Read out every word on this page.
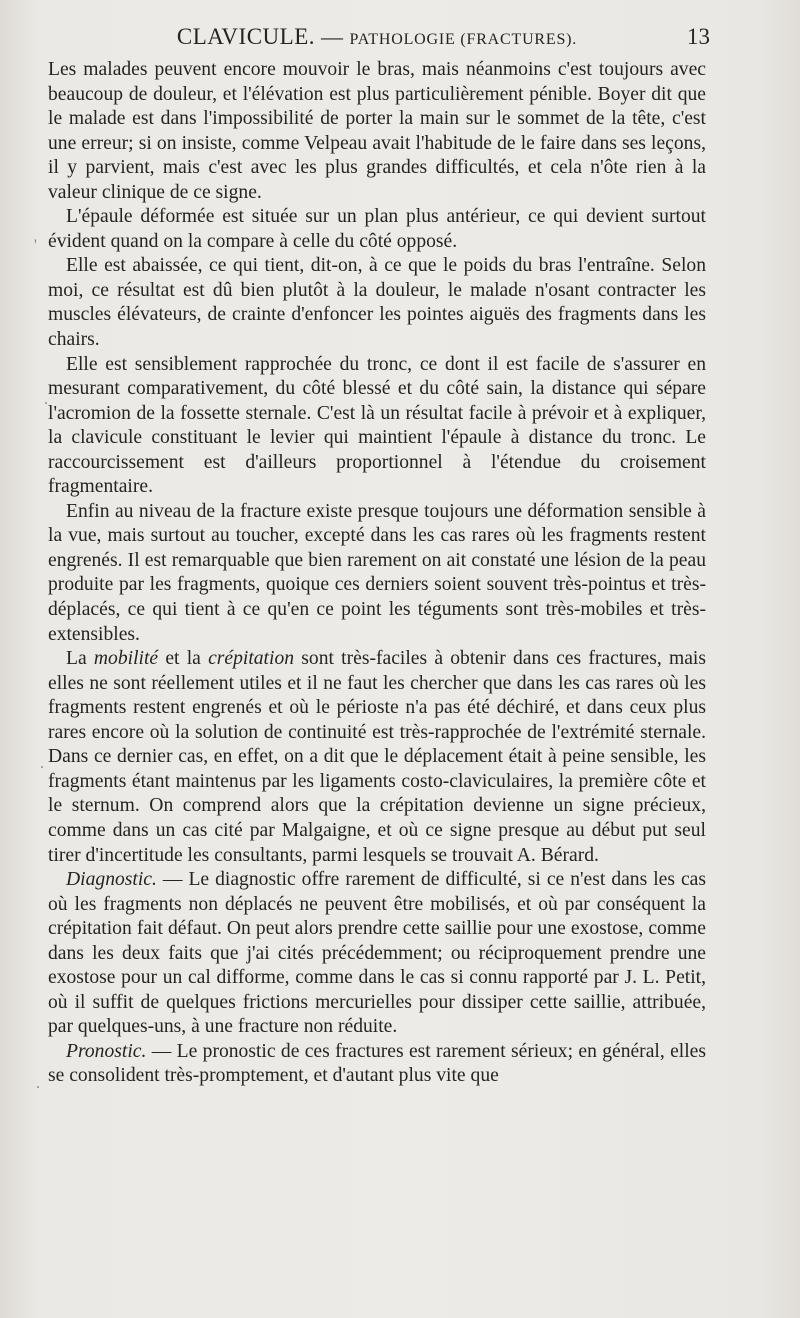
CLAVICULE. — PATHOLOGIE (FRACTURES).	13

Les malades peuvent encore mouvoir le bras, mais néanmoins c'est toujours avec beaucoup de douleur, et l'élévation est plus particulièrement pénible. Boyer dit que le malade est dans l'impossibilité de porter la main sur le sommet de la tête, c'est une erreur; si on insiste, comme Velpeau avait l'habitude de le faire dans ses leçons, il y parvient, mais c'est avec les plus grandes difficultés, et cela n'ôte rien à la valeur clinique de ce signe.

L'épaule déformée est située sur un plan plus antérieur, ce qui devient surtout évident quand on la compare à celle du côté opposé.

Elle est abaissée, ce qui tient, dit-on, à ce que le poids du bras l'entraîne. Selon moi, ce résultat est dû bien plutôt à la douleur, le malade n'osant contracter les muscles élévateurs, de crainte d'enfoncer les pointes aiguës des fragments dans les chairs.

Elle est sensiblement rapprochée du tronc, ce dont il est facile de s'assurer en mesurant comparativement, du côté blessé et du côté sain, la distance qui sépare l'acromion de la fossette sternale. C'est là un résultat facile à prévoir et à expliquer, la clavicule constituant le levier qui maintient l'épaule à distance du tronc. Le raccourcissement est d'ailleurs proportionnel à l'étendue du croisement fragmentaire.

Enfin au niveau de la fracture existe presque toujours une déformation sensible à la vue, mais surtout au toucher, excepté dans les cas rares où les fragments restent engrenés. Il est remarquable que bien rarement on ait constaté une lésion de la peau produite par les fragments, quoique ces derniers soient souvent très-pointus et très-déplacés, ce qui tient à ce qu'en ce point les téguments sont très-mobiles et très-extensibles.

La mobilité et la crépitation sont très-faciles à obtenir dans ces fractures, mais elles ne sont réellement utiles et il ne faut les chercher que dans les cas rares où les fragments restent engrenés et où le périoste n'a pas été déchiré, et dans ceux plus rares encore où la solution de continuité est très-rapprochée de l'extrémité sternale. Dans ce dernier cas, en effet, on a dit que le déplacement était à peine sensible, les fragments étant maintenus par les ligaments costo-claviculaires, la première côte et le sternum. On comprend alors que la crépitation devienne un signe précieux, comme dans un cas cité par Malgaigne, et où ce signe presque au début put seul tirer d'incertitude les consultants, parmi lesquels se trouvait A. Bérard.

Diagnostic. — Le diagnostic offre rarement de difficulté, si ce n'est dans les cas où les fragments non déplacés ne peuvent être mobilisés, et où par conséquent la crépitation fait défaut. On peut alors prendre cette saillie pour une exostose, comme dans les deux faits que j'ai cités précédemment; ou réciproquement prendre une exostose pour un cal difforme, comme dans le cas si connu rapporté par J. L. Petit, où il suffit de quelques frictions mercurielles pour dissiper cette saillie, attribuée, par quelques-uns, à une fracture non réduite.

Pronostic. — Le pronostic de ces fractures est rarement sérieux; en général, elles se consolident très-promptement, et d'autant plus vite que

'
.
.
.
